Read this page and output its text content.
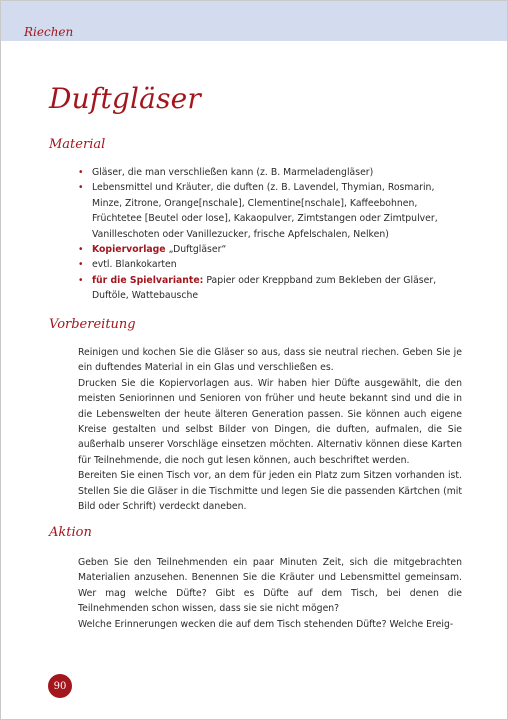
Riechen
Duftgläser
Material
• Gläser, die man verschließen kann (z. B. Marmeladengläser)
• Lebensmittel und Kräuter, die duften (z. B. Lavendel, Thymian, Rosmarin, Minze, Zitrone, Orange[nschale], Clementine[nschale], Kaffeebohnen, Früchtetee [Beutel oder lose], Kakaopulver, Zimtstangen oder Zimtpulver, Vanilleschoten oder Vanillezucker, frische Apfelschalen, Nelken)
• Kopiervorlage „Duftgläser“
• evtl. Blankokarten
• für die Spielvariante: Papier oder Kreppband zum Bekleben der Gläser, Duftöle, Wattebausche
Vorbereitung

Reinigen und kochen Sie die Gläser so aus, dass sie neutral riechen. Geben Sie je ein duftendes Material in ein Glas und verschließen es.

Drucken Sie die Kopiervorlagen aus. Wir haben hier Düfte ausgewählt, die den meisten Seniorinnen und Senioren von früher und heute bekannt sind und die in die Lebenswelten der heute älteren Generation passen. Sie können auch eigene Kreise gestalten und selbst Bilder von Dingen, die duften, aufmalen, die Sie außerhalb unserer Vorschläge einsetzen möchten. Alternativ können diese Karten für Teilnehmende, die noch gut lesen können, auch beschriftet werden.

Bereiten Sie einen Tisch vor, an dem für jeden ein Platz zum Sitzen vorhanden ist. Stellen Sie die Gläser in die Tischmitte und legen Sie die passenden Kärtchen (mit Bild oder Schrift) verdeckt daneben.

Aktion

Geben Sie den Teilnehmenden ein paar Minuten Zeit, sich die mitgebrachten Materialien anzusehen. Benennen Sie die Kräuter und Lebensmittel gemeinsam. Wer mag welche Düfte? Gibt es Düfte auf dem Tisch, bei denen die Teilnehmenden schon wissen, dass sie sie nicht mögen?

Welche Erinnerungen wecken die auf dem Tisch stehenden Düfte? Welche Ereig-

90
